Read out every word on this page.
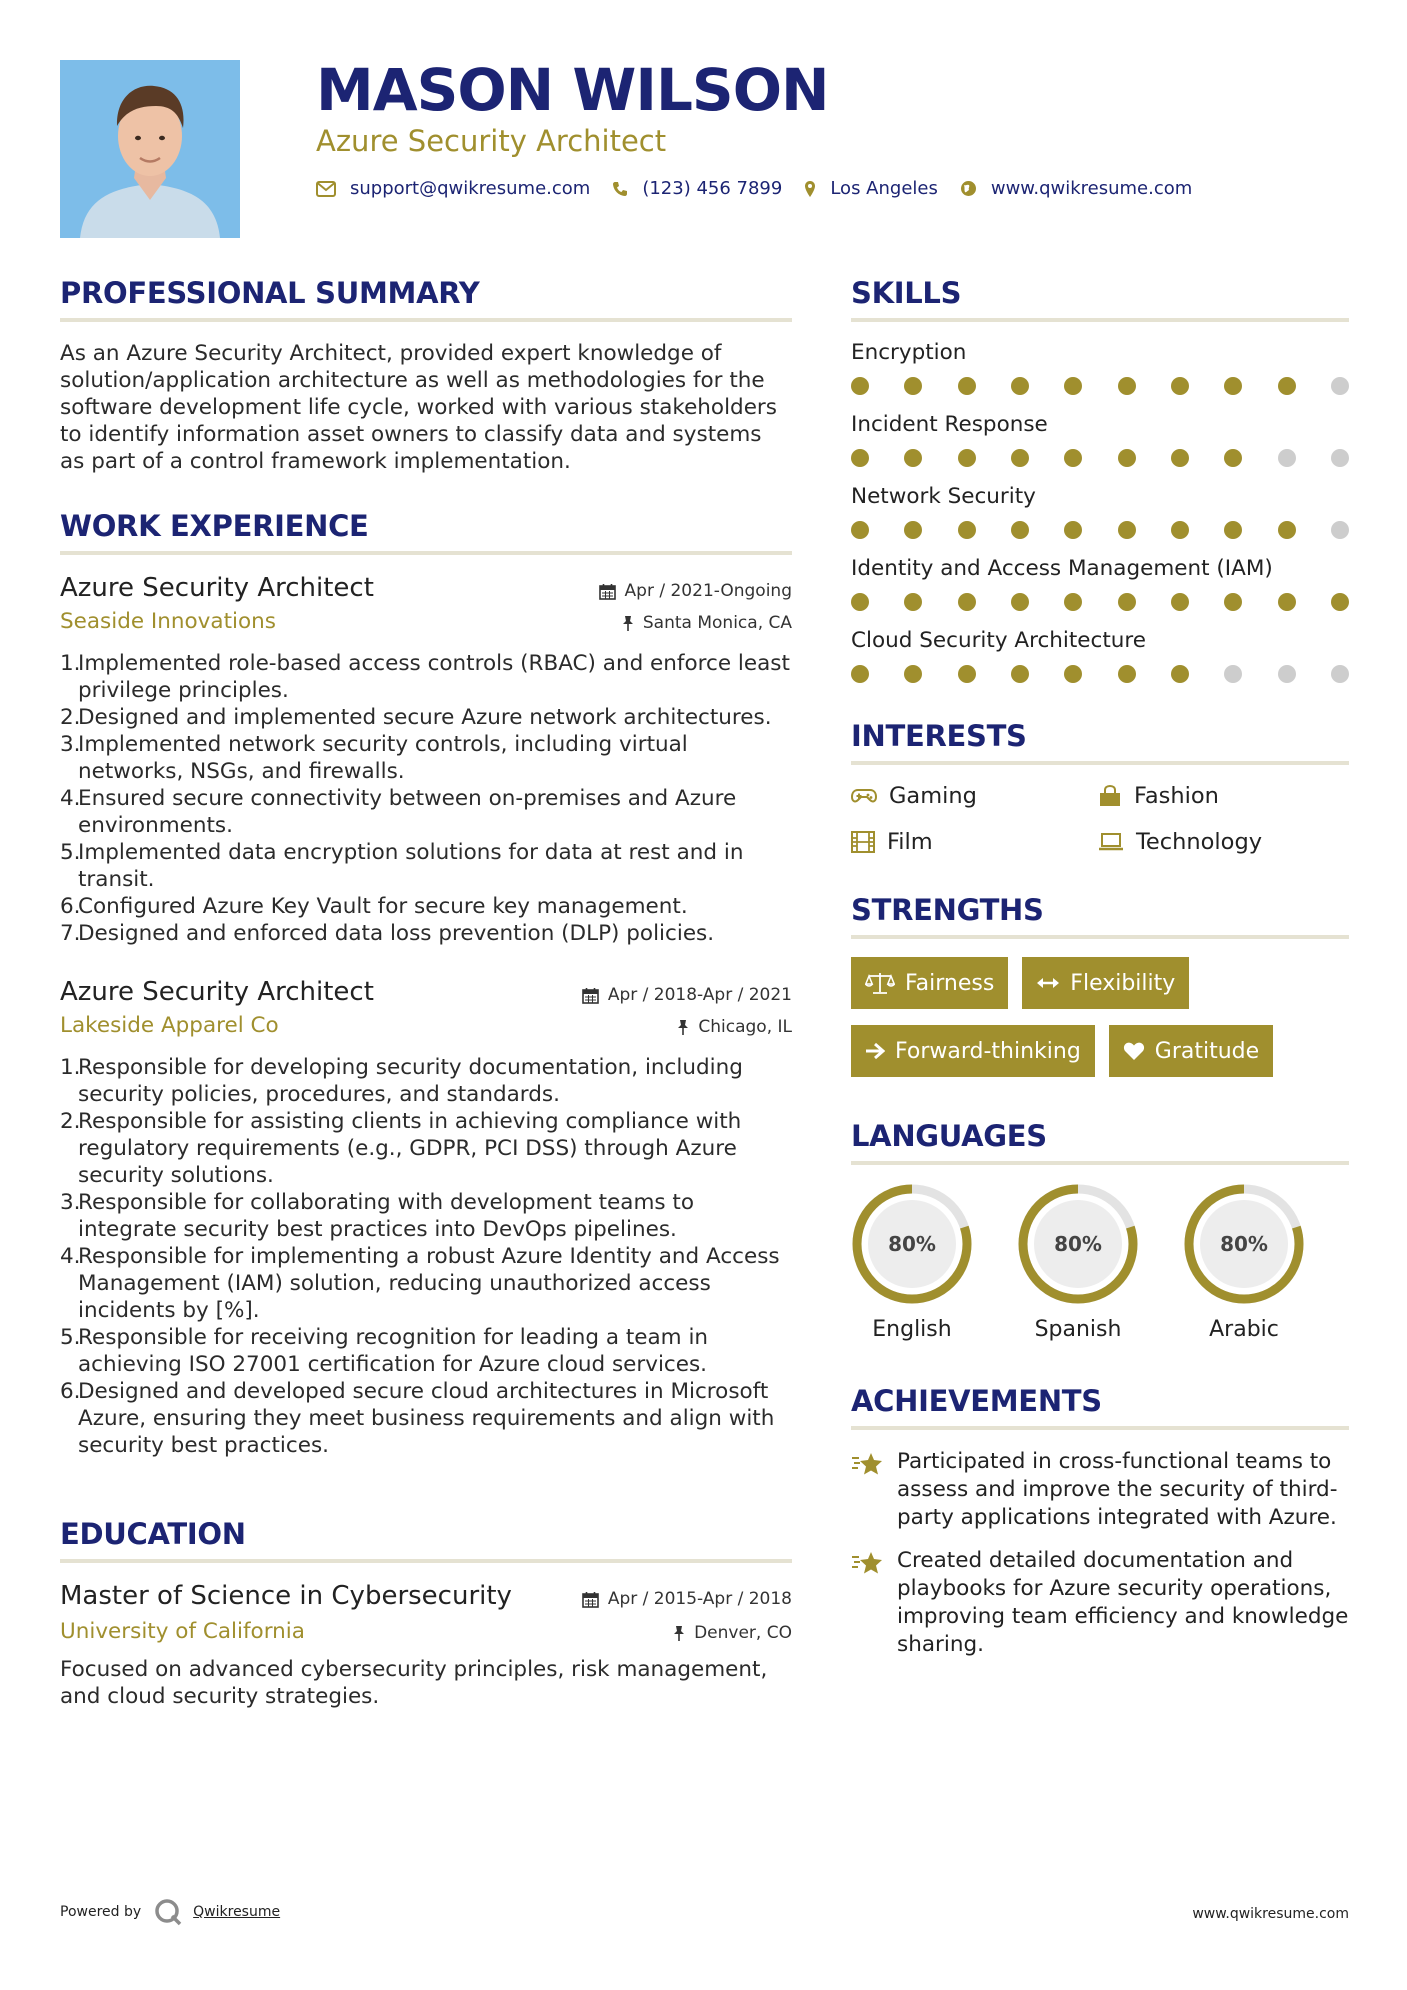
MASON WILSON
Azure Security Architect
support@qwikresume.com	(123) 456 7899	Los Angeles	www.qwikresume.com
PROFESSIONAL SUMMARY
As an Azure Security Architect, provided expert knowledge of solution/application architecture as well as methodologies for the software development life cycle, worked with various stakeholders to identify information asset owners to classify data and systems as part of a control framework implementation.
WORK EXPERIENCE
Azure Security Architect	Apr / 2021-Ongoing
Seaside Innovations	Santa Monica, CA
1.
Implemented role-based access controls (RBAC) and enforce least privilege principles.
2.
Designed and implemented secure Azure network architectures.
3.
Implemented network security controls, including virtual networks, NSGs, and firewalls.
4.
Ensured secure connectivity between on-premises and Azure environments.
5.
Implemented data encryption solutions for data at rest and in transit.
6.
Configured Azure Key Vault for secure key management.
7.
Designed and enforced data loss prevention (DLP) policies.
Azure Security Architect	Apr / 2018-Apr / 2021
Lakeside Apparel Co	Chicago, IL
1.
Responsible for developing security documentation, including security policies, procedures, and standards.
2.
Responsible for assisting clients in achieving compliance with regulatory requirements (e.g., GDPR, PCI DSS) through Azure security solutions.
3.
Responsible for collaborating with development teams to integrate security best practices into DevOps pipelines.
4.
Responsible for implementing a robust Azure Identity and Access Management (IAM) solution, reducing unauthorized access incidents by [%].
5.
Responsible for receiving recognition for leading a team in achieving ISO 27001 certification for Azure cloud services.
6.
Designed and developed secure cloud architectures in Microsoft Azure, ensuring they meet business requirements and align with security best practices.
EDUCATION
Master of Science in Cybersecurity	Apr / 2015-Apr / 2018
University of California	Denver, CO
Focused on advanced cybersecurity principles, risk management, and cloud security strategies.
SKILLS
Encryption
Incident Response
Network Security
Identity and Access Management (IAM)
Cloud Security Architecture
INTERESTS
Gaming	Fashion
Film	Technology
STRENGTHS
Fairness	Flexibility
Forward-thinking	Gratitude
LANGUAGES
80%
English
80%
Spanish
80%
Arabic
ACHIEVEMENTS
Participated in cross-functional teams to assess and improve the security of third-party applications integrated with Azure.
Created detailed documentation and playbooks for Azure security operations, improving team efficiency and knowledge sharing.
Powered by	Qwikresume	www.qwikresume.com
